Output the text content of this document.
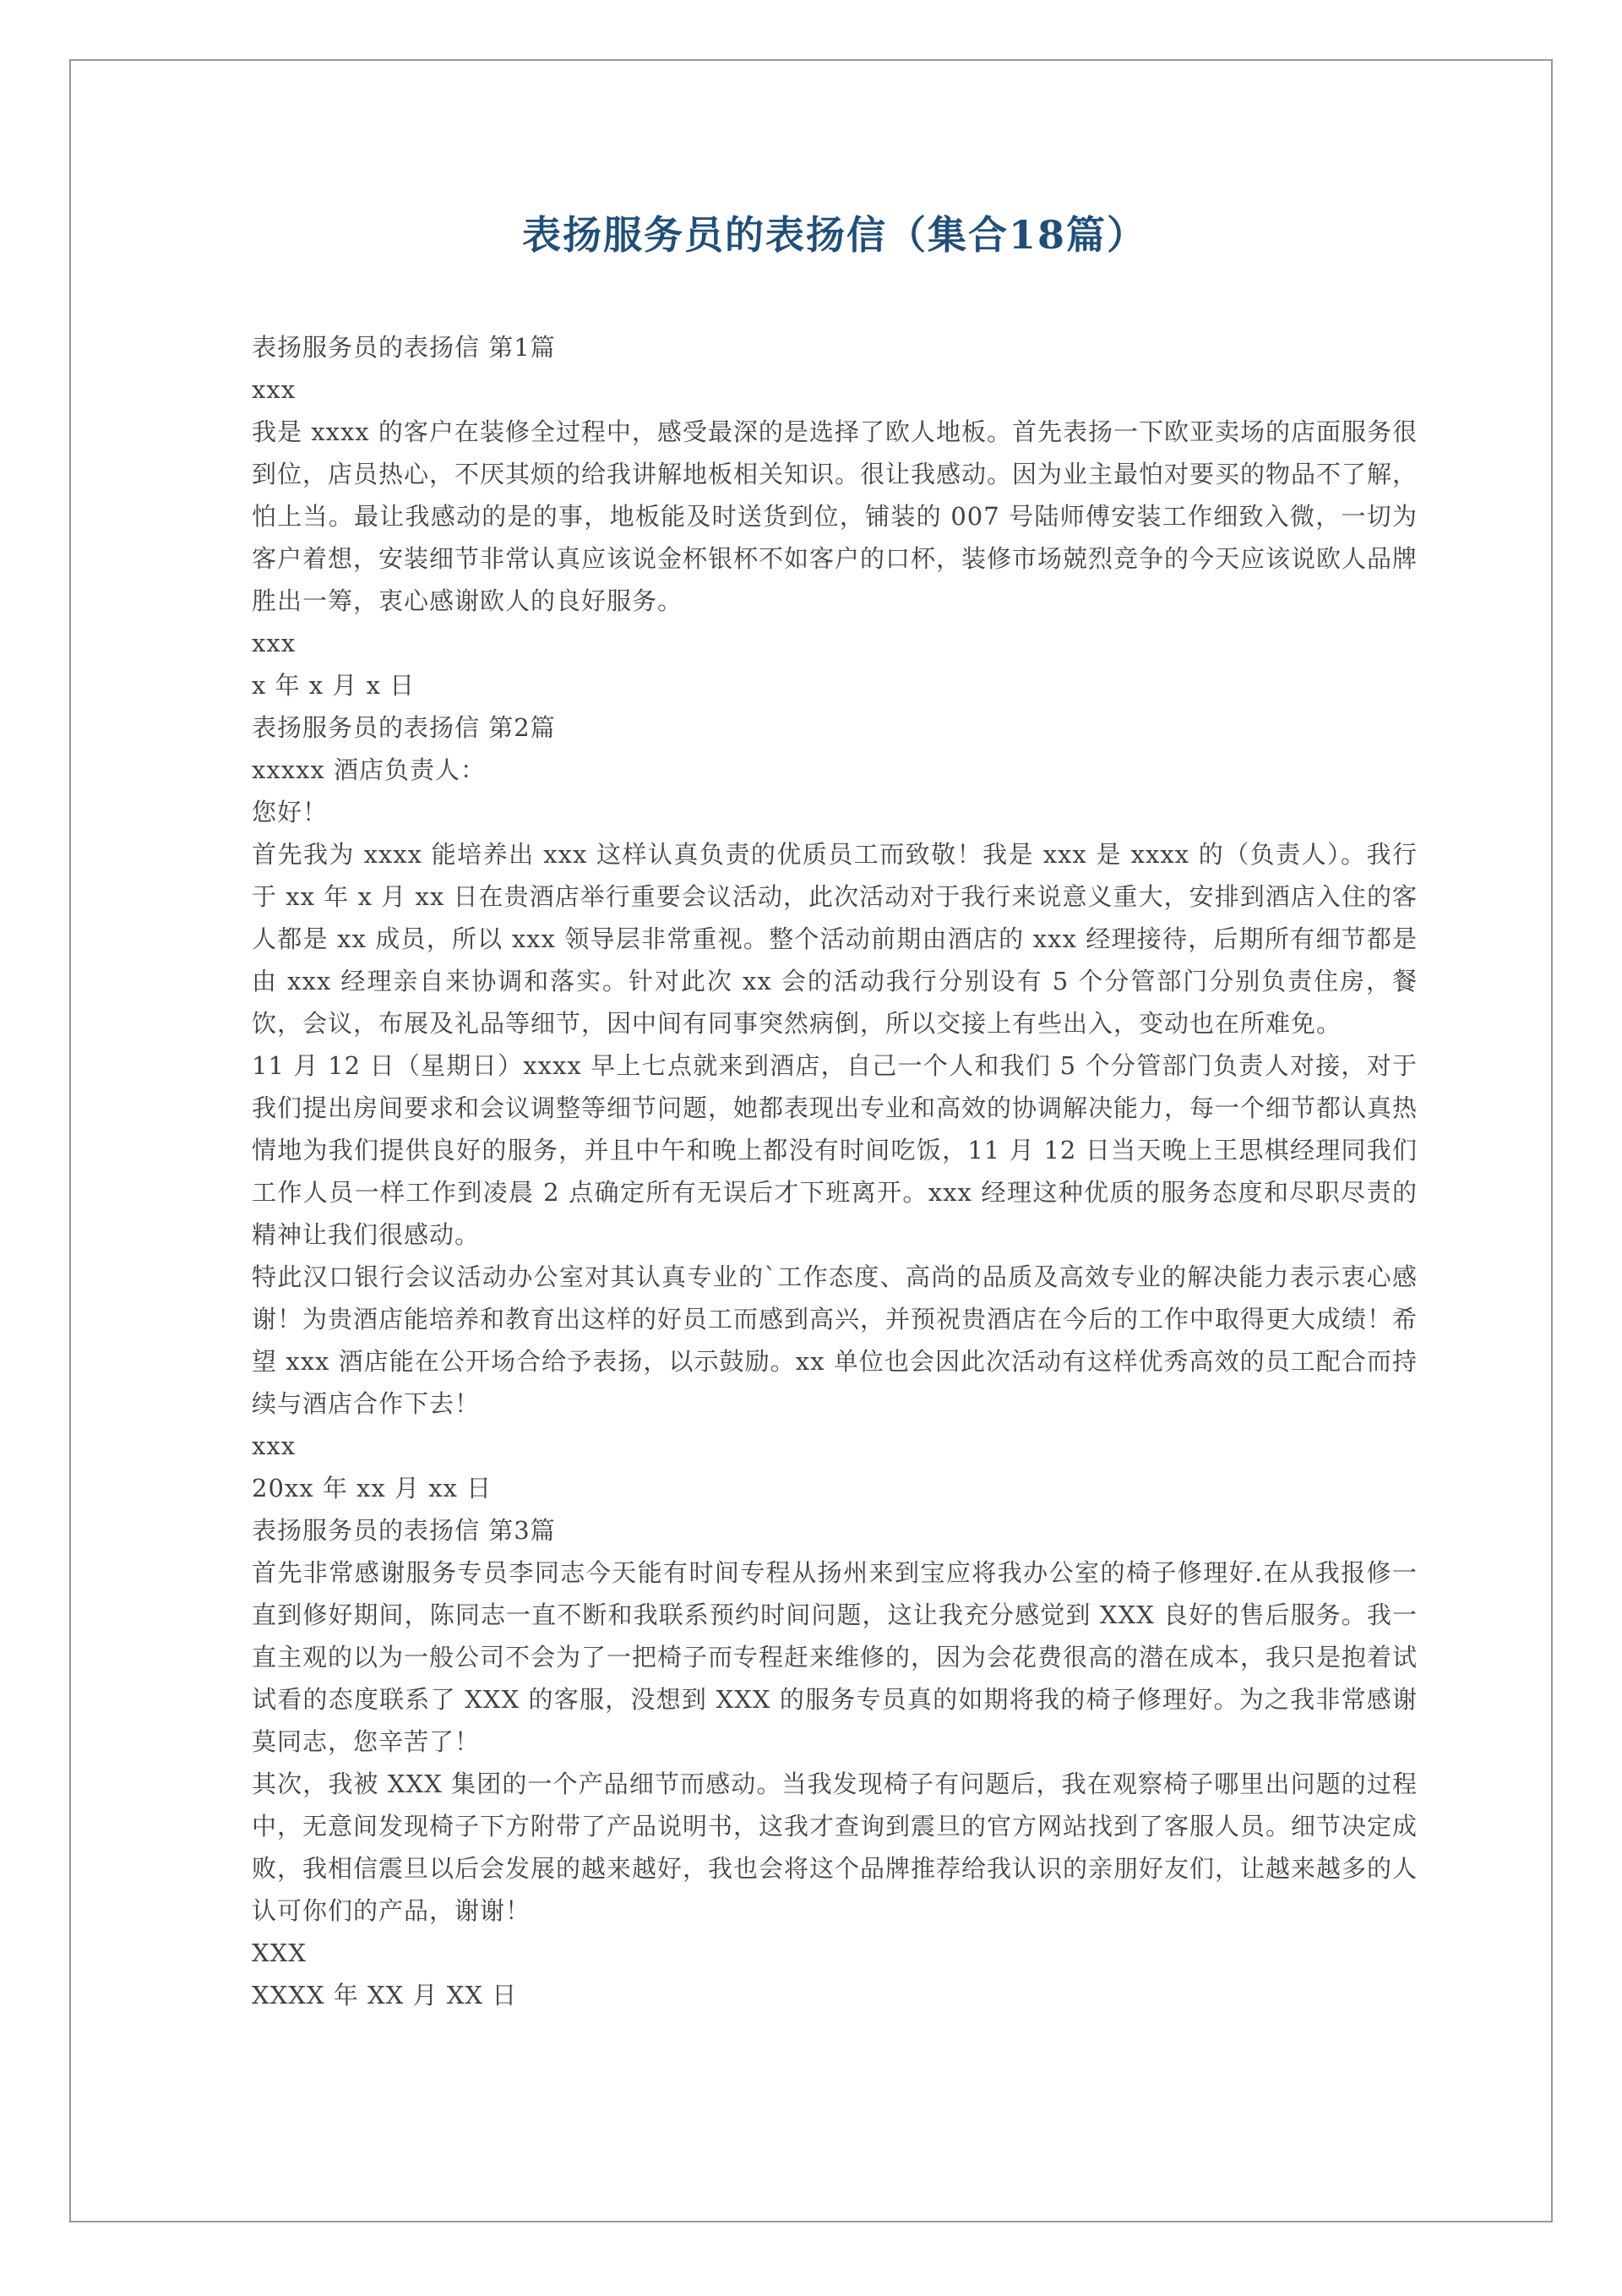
表扬服务员的表扬信（集合18篇）

表扬服务员的表扬信 第1篇

xxx

我是 xxxx 的客户在装修全过程中，感受最深的是选择了欧人地板。首先表扬一下欧亚卖场的店面服务很到位，店员热心，不厌其烦的给我讲解地板相关知识。很让我感动。因为业主最怕对要买的物品不了解，怕上当。最让我感动的是的事，地板能及时送货到位，铺装的 007 号陆师傅安装工作细致入微，一切为客户着想，安装细节非常认真应该说金杯银杯不如客户的口杯，装修市场兢烈竞争的今天应该说欧人品牌胜出一筹，衷心感谢欧人的良好服务。

xxx

x 年 x 月 x 日

表扬服务员的表扬信 第2篇

xxxxx 酒店负责人：

您好！

首先我为 xxxx 能培养出 xxx 这样认真负责的优质员工而致敬！我是 xxx 是 xxxx 的（负责人）。我行于 xx 年 x 月 xx 日在贵酒店举行重要会议活动，此次活动对于我行来说意义重大，安排到酒店入住的客人都是 xx 成员，所以 xxx 领导层非常重视。整个活动前期由酒店的 xxx 经理接待，后期所有细节都是由 xxx 经理亲自来协调和落实。针对此次 xx 会的活动我行分别设有 5 个分管部门分别负责住房，餐饮，会议，布展及礼品等细节，因中间有同事突然病倒，所以交接上有些出入，变动也在所难免。

11 月 12 日（星期日）xxxx 早上七点就来到酒店，自己一个人和我们 5 个分管部门负责人对接，对于我们提出房间要求和会议调整等细节问题，她都表现出专业和高效的协调解决能力，每一个细节都认真热情地为我们提供良好的服务，并且中午和晚上都没有时间吃饭，11 月 12 日当天晚上王思棋经理同我们工作人员一样工作到凌晨 2 点确定所有无误后才下班离开。xxx 经理这种优质的服务态度和尽职尽责的精神让我们很感动。

特此汉口银行会议活动办公室对其认真专业的`工作态度、高尚的品质及高效专业的解决能力表示衷心感谢！为贵酒店能培养和教育出这样的好员工而感到高兴，并预祝贵酒店在今后的工作中取得更大成绩！希望 xxx 酒店能在公开场合给予表扬，以示鼓励。xx 单位也会因此次活动有这样优秀高效的员工配合而持续与酒店合作下去！

xxx

20xx 年 xx 月 xx 日

表扬服务员的表扬信 第3篇

首先非常感谢服务专员李同志今天能有时间专程从扬州来到宝应将我办公室的椅子修理好.在从我报修一直到修好期间，陈同志一直不断和我联系预约时间问题，这让我充分感觉到 XXX 良好的售后服务。我一直主观的以为一般公司不会为了一把椅子而专程赶来维修的，因为会花费很高的潜在成本，我只是抱着试试看的态度联系了 XXX 的客服，没想到 XXX 的服务专员真的如期将我的椅子修理好。为之我非常感谢莫同志，您辛苦了！

其次，我被 XXX 集团的一个产品细节而感动。当我发现椅子有问题后，我在观察椅子哪里出问题的过程中，无意间发现椅子下方附带了产品说明书，这我才查询到震旦的官方网站找到了客服人员。细节决定成败，我相信震旦以后会发展的越来越好，我也会将这个品牌推荐给我认识的亲朋好友们，让越来越多的人认可你们的产品，谢谢！

XXX

XXXX 年 XX 月 XX 日
